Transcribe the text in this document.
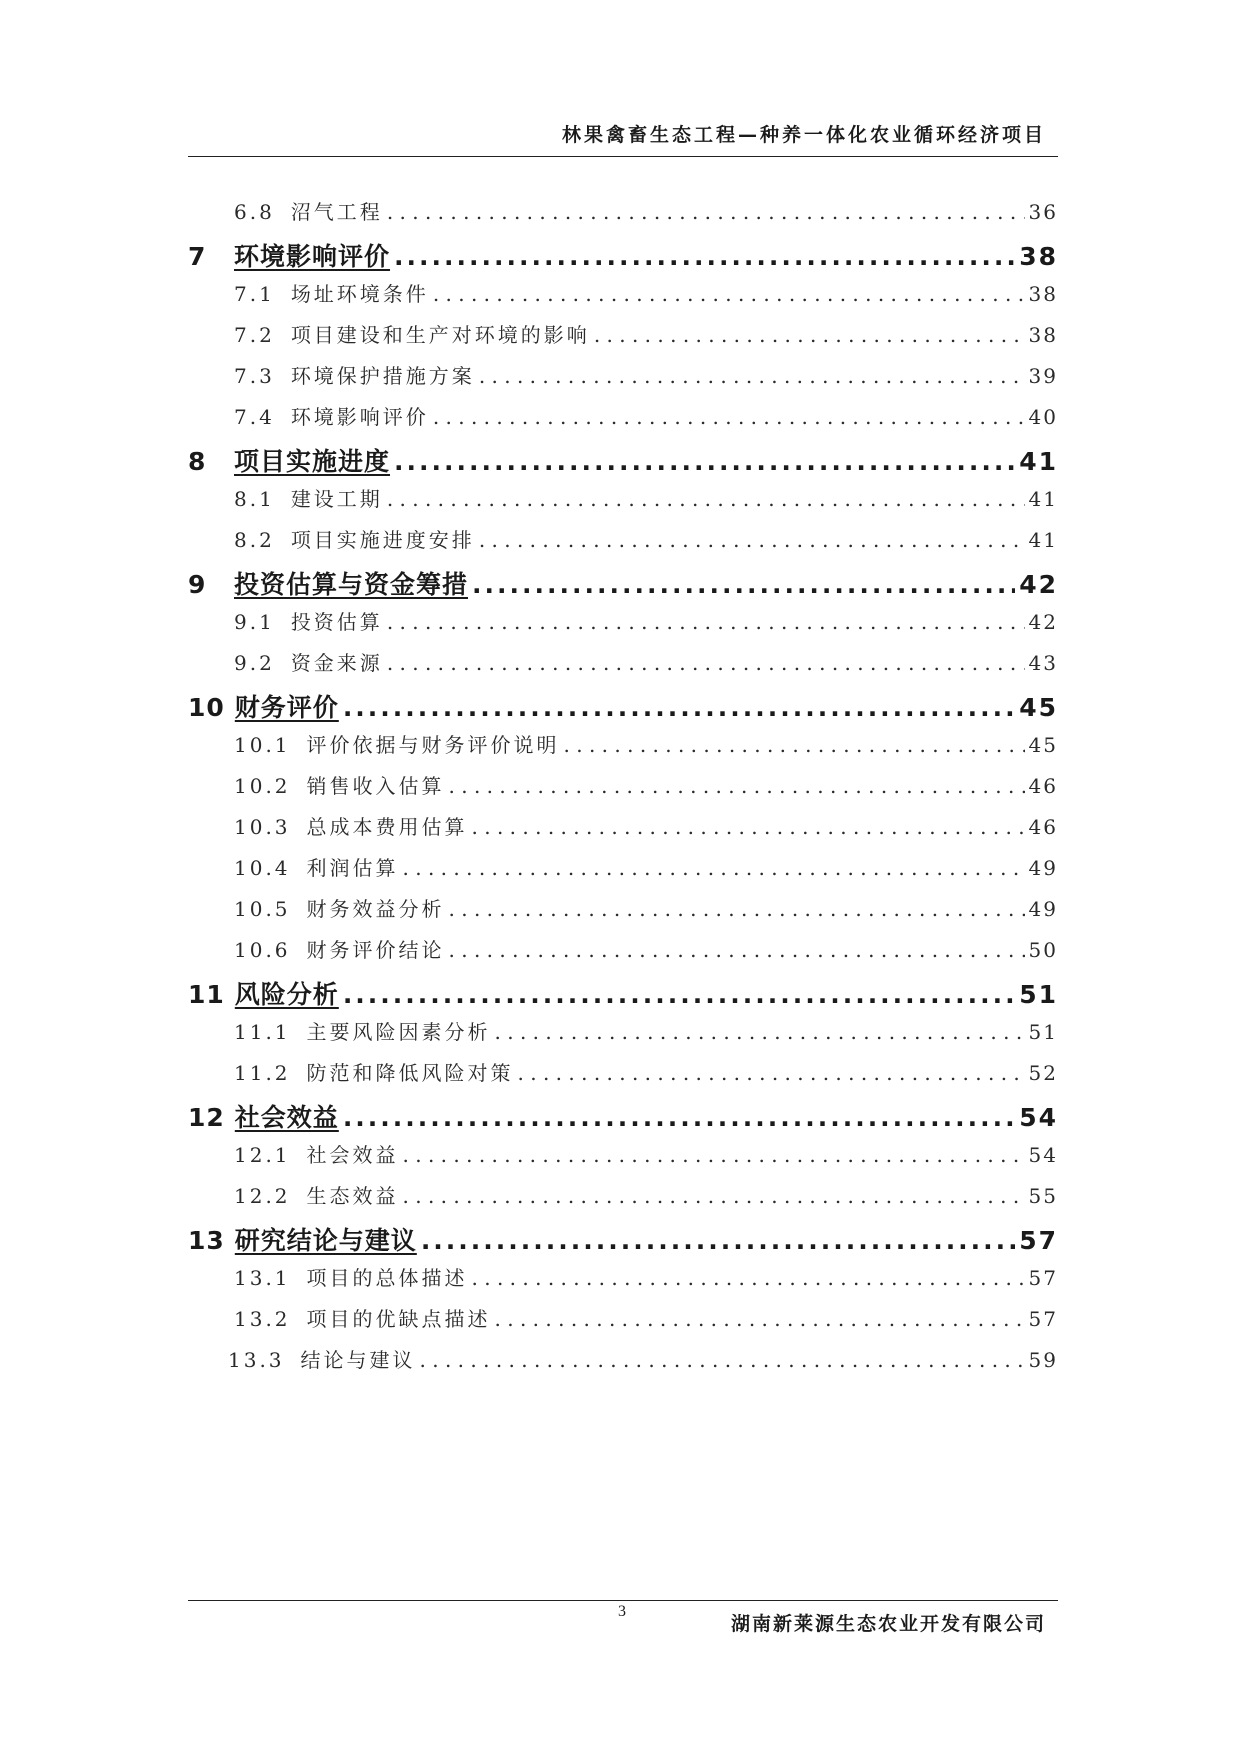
林果禽畜生态工程—种养一体化农业循环经济项目
6.8 沼气工程 . . .	36
7 环境影响评价 .....	38
7.1 场址环境条件 . . .	38
7.2 项目建设和生产对环境的影响 . . .	38
7.3 环境保护措施方案 . . .	39
7.4 环境影响评价 . . .	40
8 项目实施进度 .....	41
8.1 建设工期 . . .	41
8.2 项目实施进度安排 . . .	41
9 投资估算与资金筹措 .....	42
9.1 投资估算 . . .	42
9.2 资金来源 . . .	43
10 财务评价 .....	45
10.1 评价依据与财务评价说明 . . .	45
10.2 销售收入估算 . . .	46
10.3 总成本费用估算 . . .	46
10.4 利润估算 . . .	49
10.5 财务效益分析 . . .	49
10.6 财务评价结论 . . .	50
11 风险分析 .....	51
11.1 主要风险因素分析 . . .	51
11.2 防范和降低风险对策 . . .	52
12 社会效益 .....	54
12.1 社会效益 . . .	54
12.2 生态效益 . . .	55
13 研究结论与建议 .....	57
13.1 项目的总体描述 . . .	57
13.2 项目的优缺点描述 . . .	57
13.3 结论与建议 . . .	59
3
湖南新莱源生态农业开发有限公司
